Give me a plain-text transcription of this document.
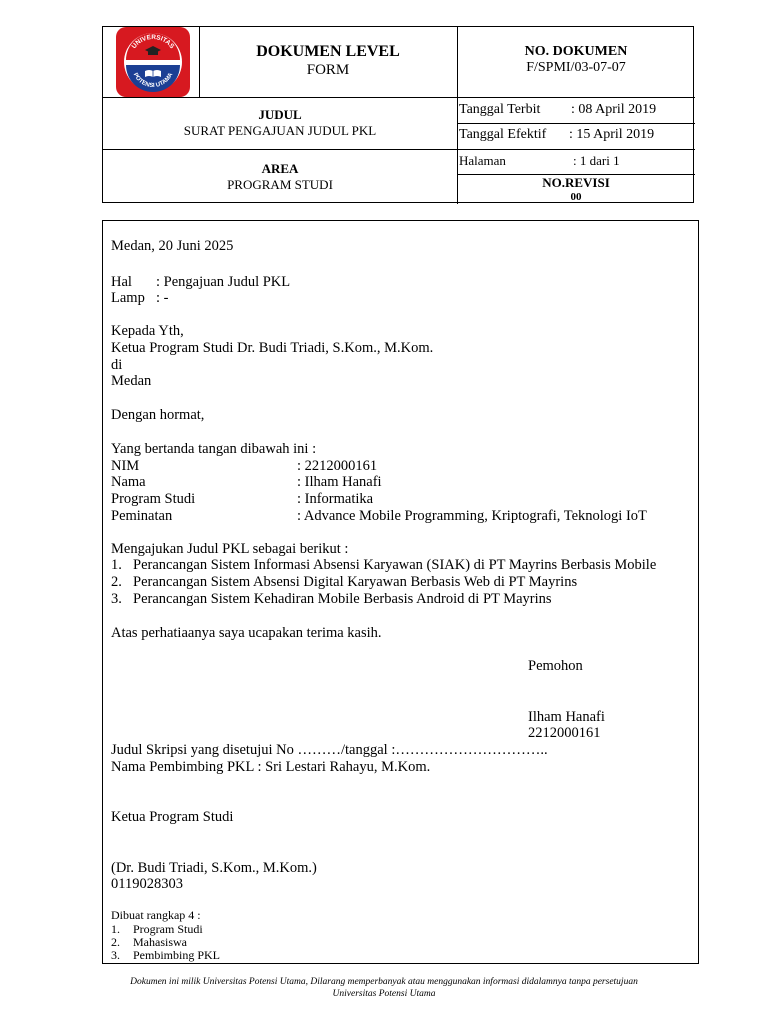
UNIVERSITAS
POTENSI UTAMA
DOKUMEN LEVEL
FORM
NO. DOKUMEN
F/SPMI/03-07-07
JUDUL
SURAT PENGAJUAN JUDUL PKL
AREA
PROGRAM STUDI
Tanggal Terbit : 08 April 2019
Tanggal Efektif : 15 April 2019
Halaman	: 1 dari 1
NO.REVISI
00
Medan, 20 Juni 2025
Hal : Pengajuan Judul PKL
Lamp : -
Kepada Yth,
Ketua Program Studi Dr. Budi Triadi, S.Kom., M.Kom.
di
Medan
Dengan hormat,
Yang bertanda tangan dibawah ini :
NIM	: 2212000161
Nama	: Ilham Hanafi
Program Studi	: Informatika
Peminatan	: Advance Mobile Programming, Kriptografi, Teknologi IoT
Mengajukan Judul PKL sebagai berikut :
1. Perancangan Sistem Informasi Absensi Karyawan (SIAK) di PT Mayrins Berbasis Mobile
2. Perancangan Sistem Absensi Digital Karyawan Berbasis Web di PT Mayrins
3. Perancangan Sistem Kehadiran Mobile Berbasis Android di PT Mayrins
Atas perhatiaanya saya ucapakan terima kasih.
Pemohon
Ilham Hanafi
2212000161
Judul Skripsi yang disetujui No ………/tanggal :…………………………..
Nama Pembimbing PKL : Sri Lestari Rahayu, M.Kom.
Ketua Program Studi
(Dr. Budi Triadi, S.Kom., M.Kom.)
0119028303
Dibuat rangkap 4 :
1. Program Studi
2. Mahasiswa
3. Pembimbing PKL
Dokumen ini milik Universitas Potensi Utama, Dilarang memperbanyak atau menggunakan informasi didalamnya tanpa persetujuan
Universitas Potensi Utama
